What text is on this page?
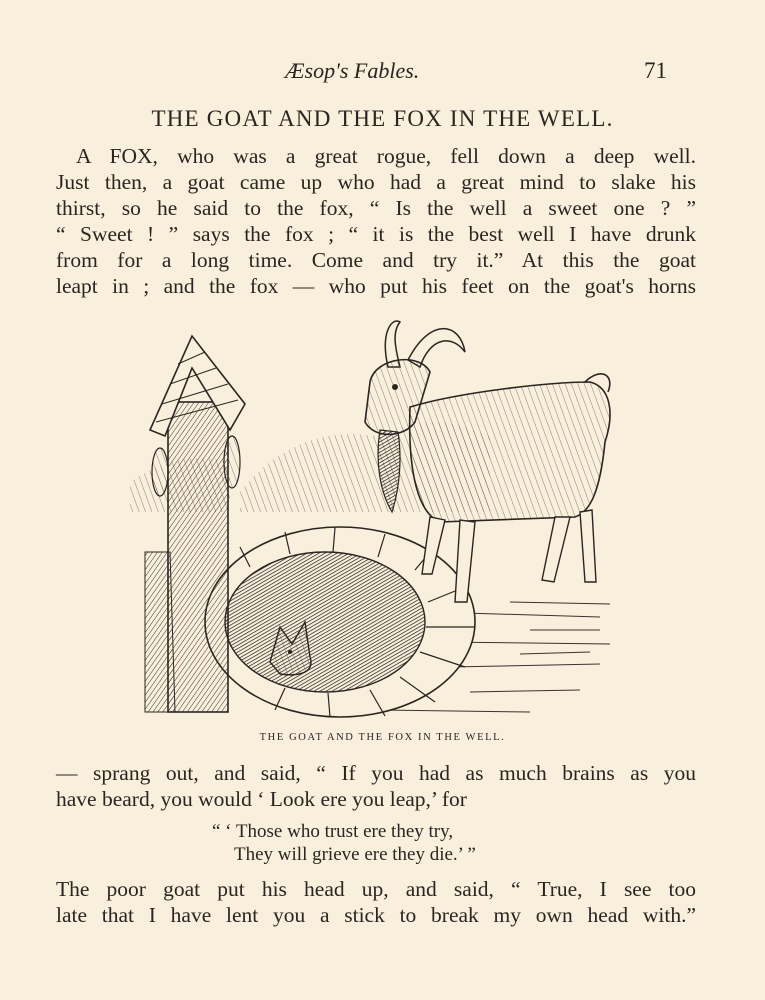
Æsop's Fables.	71
THE GOAT AND THE FOX IN THE WELL.
A FOX, who was a great rogue, fell down a deep well.
Just then, a goat came up who had a great mind to slake his
thirst, so he said to the fox, “ Is the well a sweet one ? ”
“ Sweet ! ” says the fox ; “ it is the best well I have drunk
from for a long time. Come and try it.” At this the goat
leapt in ; and the fox — who put his feet on the goat's horns
THE GOAT AND THE FOX IN THE WELL.
— sprang out, and said, “ If you had as much brains as you
have beard, you would ‘ Look ere you leap,’ for
“ ‘ Those who trust ere they try,
They will grieve ere they die.’ ”
The poor goat put his head up, and said, “ True, I see too
late that I have lent you a stick to break my own head with.”
